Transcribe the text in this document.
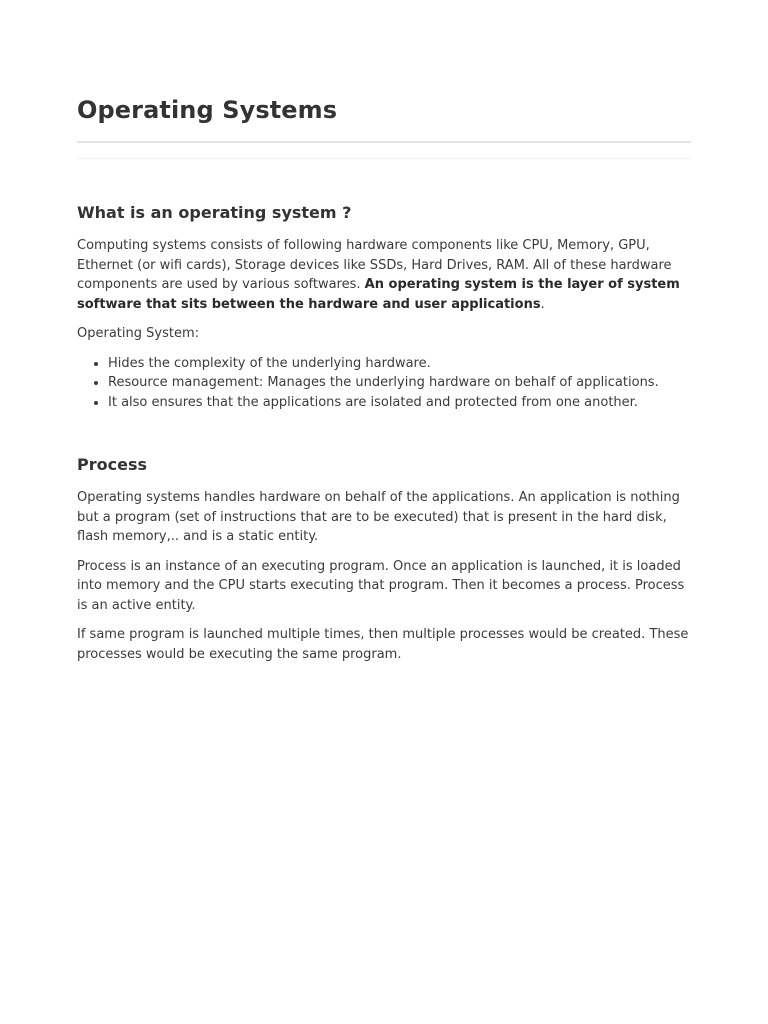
Operating Systems
What is an operating system ?

Computing systems consists of following hardware components like CPU, Memory, GPU, Ethernet (or wifi cards), Storage devices like SSDs, Hard Drives, RAM. All of these hardware components are used by various softwares. An operating system is the layer of system software that sits between the hardware and user applications.

Operating System:

• Hides the complexity of the underlying hardware.
• Resource management: Manages the underlying hardware on behalf of applications.
• It also ensures that the applications are isolated and protected from one another.
Process

Operating systems handles hardware on behalf of the applications. An application is nothing but a program (set of instructions that are to be executed) that is present in the hard disk, flash memory,.. and is a static entity.

Process is an instance of an executing program. Once an application is launched, it is loaded into memory and the CPU starts executing that program. Then it becomes a process. Process is an active entity.

If same program is launched multiple times, then multiple processes would be created. These processes would be executing the same program.
